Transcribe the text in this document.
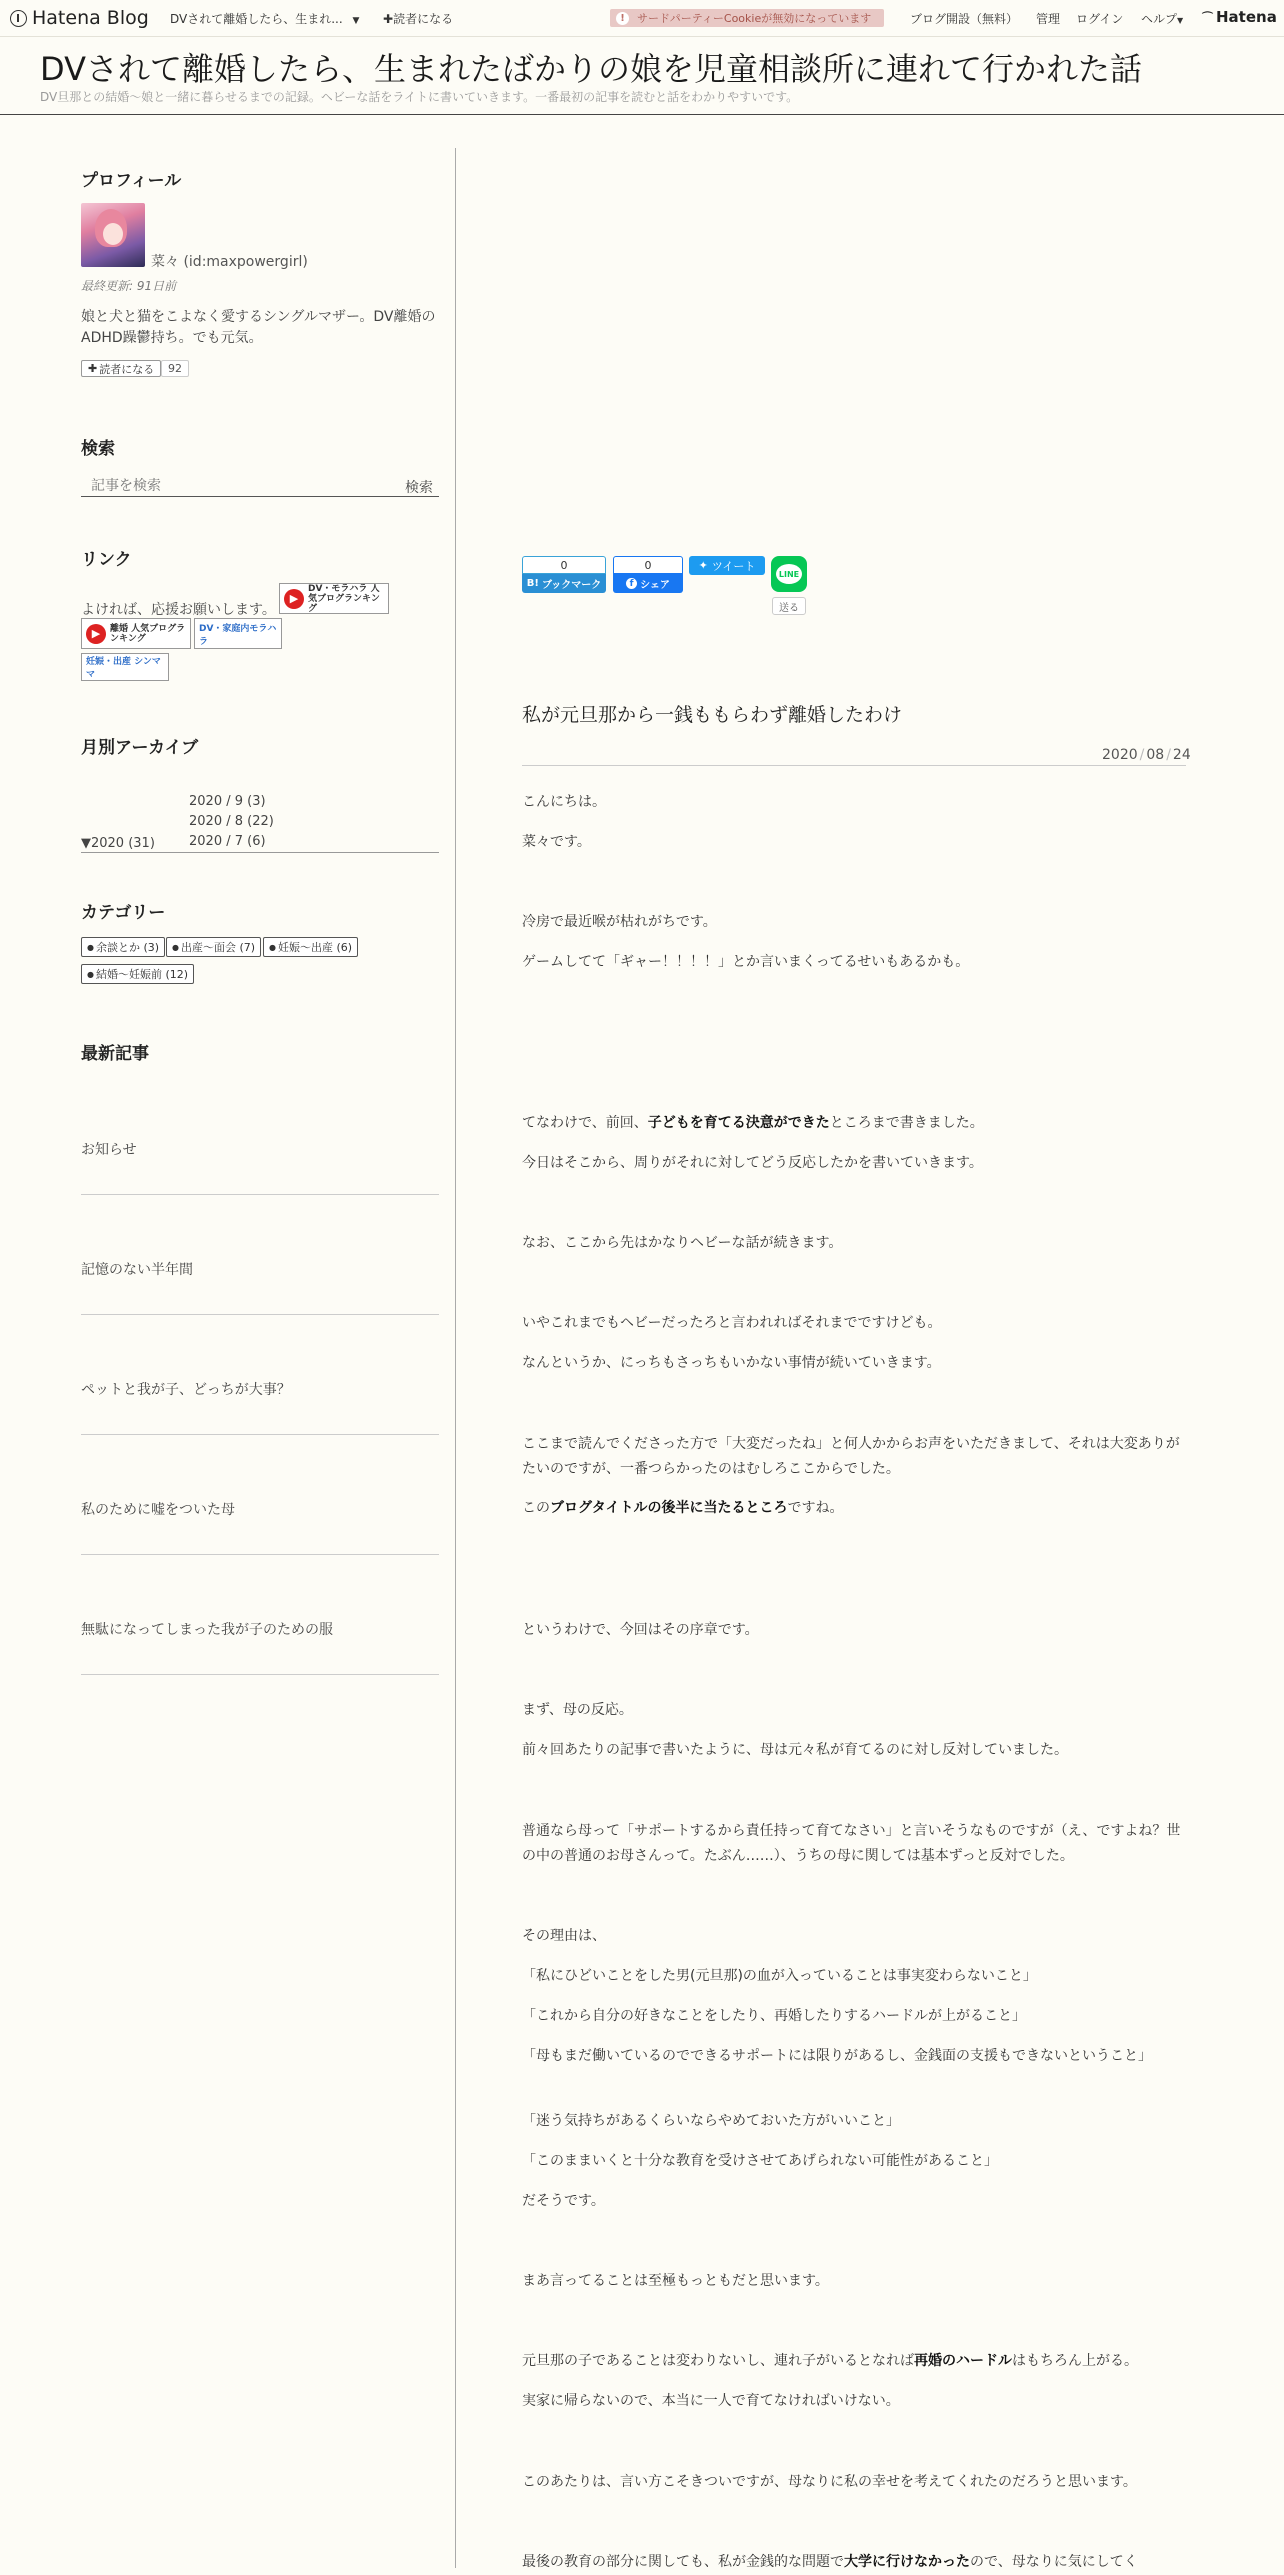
Hatena Blog DVされて離婚したら、生まれ... ▼ ✚読者になる	!	サードパーティーCookieが無効になっています	ブログ開設（無料） 管理 ログイン ヘルプ▼ ⌒ Hatena
DVされて離婚したら、生まれたばかりの娘を児童相談所に連れて行かれた話
DV旦那との結婚～娘と一緒に暮らせるまでの記録。ヘビーな話をライトに書いていきます。一番最初の記事を読むと話をわかりやすいです。
プロフィール
菜々 (id:maxpowergirl)
最終更新: 91日前
娘と犬と猫をこよなく愛するシングルマザー。DV離婚のADHD躁鬱持ち。でも元気。
✚ 読者になる	92
検索
記事を検索
検索
リンク
よければ、応援お願いします。
▶
DV・モラハラ 人気ブログランキング
▶	離婚 人気ブログランキング
DV・家庭内モラハラ
妊娠・出産 シンママ
月別アーカイブ
2020 / 9 (3)
2020 / 8 (22)
2020 / 7 (6)
▼2020 (31)
カテゴリー
● 余談とか (3) ● 出産～面会 (7) ● 妊娠～出産 (6)
● 結婚～妊娠前 (12)
最新記事
お知らせ
記憶のない半年間
ペットと我が子、どっちが大事？
私のために嘘をついた母
無駄になってしまった我が子のための服
0
B! ブックマーク
0
f シェア
✦ ツイート
LINE
送る
私が元旦那から一銭ももらわず離婚したわけ
2020 / 08 / 24
こんにちは。
菜々です。
冷房で最近喉が枯れがちです。
ゲームしてて「ギャー！！！！」とか言いまくってるせいもあるかも。
てなわけで、前回、子どもを育てる決意ができたところまで書きました。
今日はそこから、周りがそれに対してどう反応したかを書いていきます。
なお、ここから先はかなりヘビーな話が続きます。
いやこれまでもヘビーだったろと言われればそれまでですけども。
なんというか、にっちもさっちもいかない事情が続いていきます。
ここまで読んでくださった方で「大変だったね」と何人かからお声をいただきまして、それは大変ありがたいのですが、一番つらかったのはむしろここからでした。
このブログタイトルの後半に当たるところですね。
というわけで、今回はその序章です。
まず、母の反応。
前々回あたりの記事で書いたように、母は元々私が育てるのに対し反対していました。
普通なら母って「サポートするから責任持って育てなさい」と言いそうなものですが（え、ですよね？世の中の普通のお母さんって。たぶん……）、うちの母に関しては基本ずっと反対でした。
その理由は、
「私にひどいことをした男(元旦那)の血が入っていることは事実変わらないこと」
「これから自分の好きなことをしたり、再婚したりするハードルが上がること」
「母もまだ働いているのでできるサポートには限りがあるし、金銭面の支援もできないということ」
「迷う気持ちがあるくらいならやめておいた方がいいこと」
「このままいくと十分な教育を受けさせてあげられない可能性があること」
だそうです。
まあ言ってることは至極もっともだと思います。
元旦那の子であることは変わりないし、連れ子がいるとなれば再婚のハードルはもちろん上がる。
実家に帰らないので、本当に一人で育てなければいけない。
このあたりは、言い方こそきついですが、母なりに私の幸せを考えてくれたのだろうと思います。
最後の教育の部分に関しても、私が金銭的な問題で大学に行けなかったので、母なりに気にしてく
